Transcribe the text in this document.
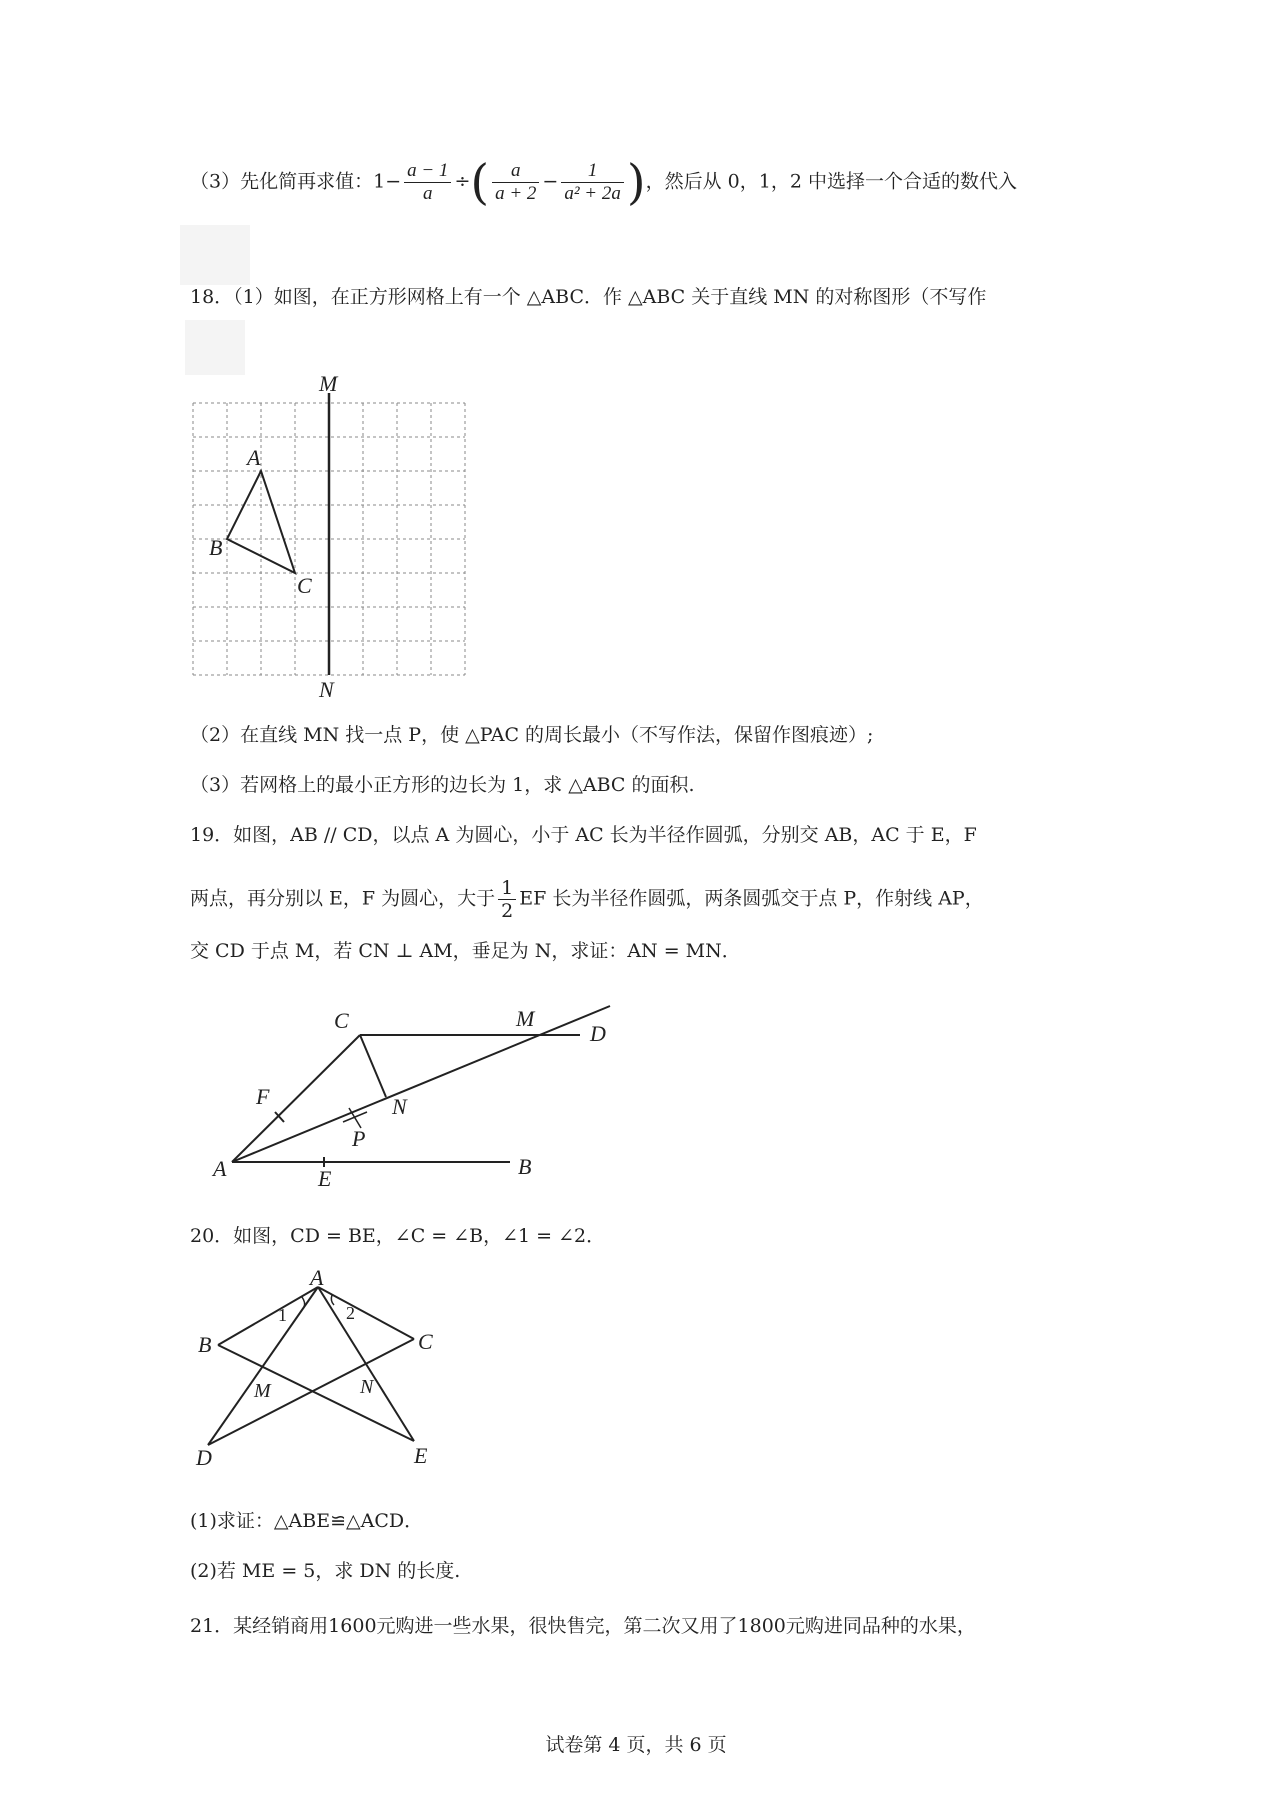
（3）先化简再求值：$1- \frac{a - 1}{a}$ ÷( $\frac{a}{a + 2} - \frac{1}{\text{a² + 2a}}$ )，然后从 0，1，2 中选择一个合适的数代入
18．（1）如图，在正方形网格上有一个 △ABC．作 △ABC 关于直线 MN 的对称图形（不写作
M
N
A
B
C
（2）在直线 MN 找一点 P，使 △PAC 的周长最小（不写作法，保留作图痕迹）;
（3）若网格上的最小正方形的边长为 1，求 △ABC 的面积.
19．如图，AB // CD，以点 A 为圆心，小于 AC 长为半径作圆弧，分别交 AB，AC 于 E，F
两点，再分别以 E，F 为圆心，大于 $\frac{1}{2}$ EF 长为半径作圆弧，两条圆弧交于点 P，作射线 AP，
交 CD 于点 M，若 CN ⊥ AM，垂足为 N，求证：AN = MN．
A	B
C
D
E
F
M
N
P
20．如图，CD = BE，∠C = ∠B，∠1 = ∠2．
A
B	C
D	E
M	N
1	2
(1)求证：△ABE≌△ACD．
(2)若 ME = 5，求 DN 的长度.
21．某经销商用1600元购进一些水果，很快售完，第二次又用了1800元购进同品种的水果，
试卷第 4 页，共 6 页
